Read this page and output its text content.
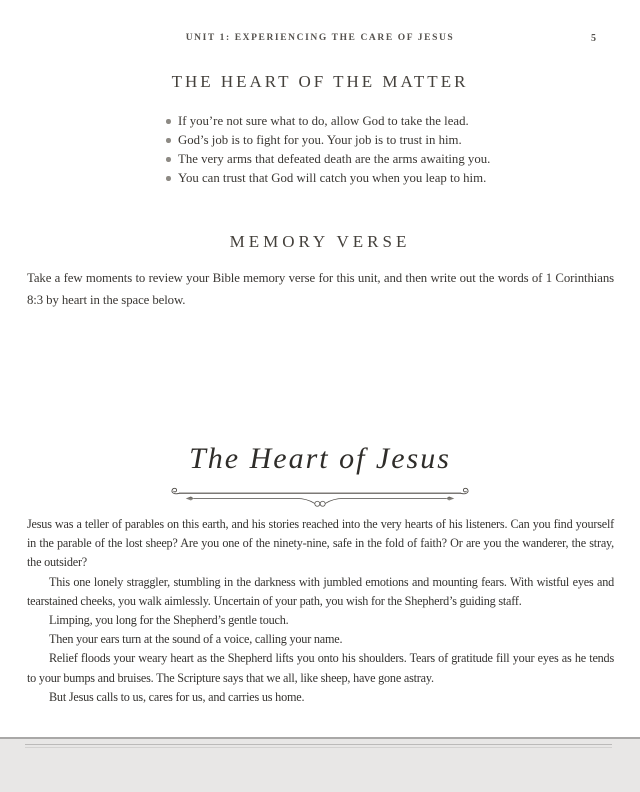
UNIT 1: EXPERIENCING THE CARE OF JESUS	5
THE HEART OF THE MATTER
If you’re not sure what to do, allow God to take the lead.
God’s job is to fight for you. Your job is to trust in him.
The very arms that defeated death are the arms awaiting you.
You can trust that God will catch you when you leap to him.
MEMORY VERSE

Take a few moments to review your Bible memory verse for this unit, and then write out the words of 1 Corinthians 8:3 by heart in the space below.

The Heart of Jesus

Jesus was a teller of parables on this earth, and his stories reached into the very hearts of his listeners. Can you find yourself in the parable of the lost sheep? Are you one of the ninety-nine, safe in the fold of faith? Or are you the wanderer, the stray, the outsider?

This one lonely straggler, stumbling in the darkness with jumbled emotions and mounting fears. With wistful eyes and tearstained cheeks, you walk aimlessly. Uncertain of your path, you wish for the Shepherd’s guiding staff.

Limping, you long for the Shepherd’s gentle touch.

Then your ears turn at the sound of a voice, calling your name.

Relief floods your weary heart as the Shepherd lifts you onto his shoulders. Tears of gratitude fill your eyes as he tends to your bumps and bruises. The Scripture says that we all, like sheep, have gone astray.

But Jesus calls to us, cares for us, and carries us home.
